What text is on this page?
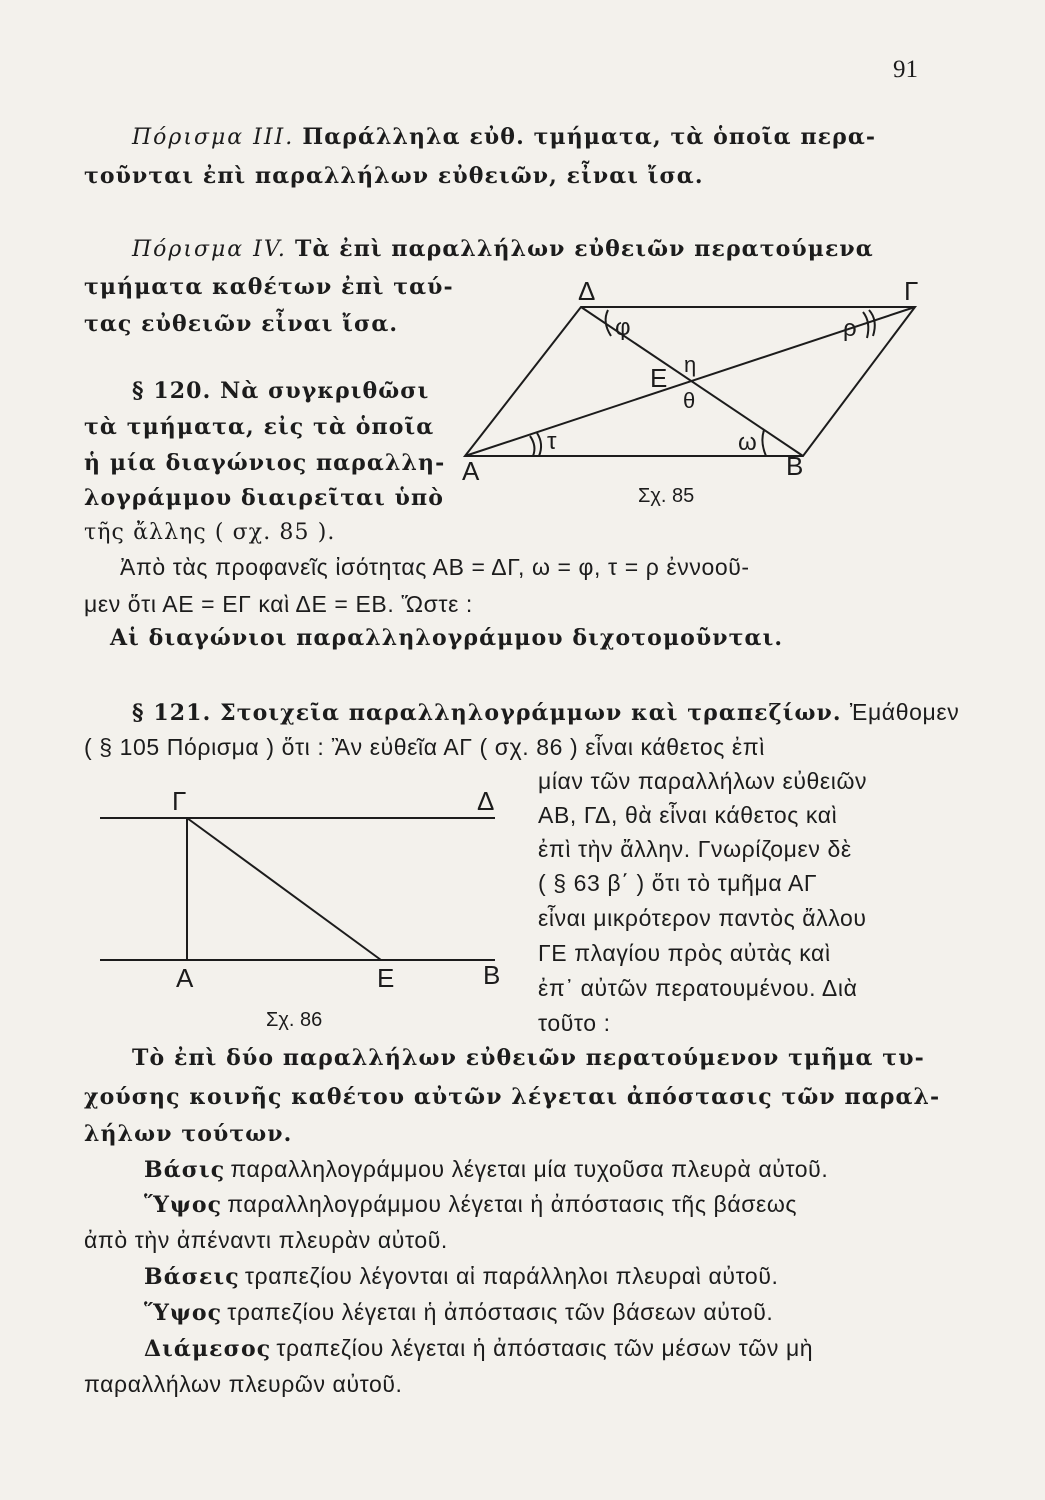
91
Πόρισμα ΙΙΙ. Παράλληλα εὐθ. τμήματα, τὰ ὁποῖα περα-
τοῦνται ἐπὶ παραλλήλων εὐθειῶν, εἶναι ἴσα.
Πόρισμα ΙV. Τὰ ἐπὶ παραλλήλων εὐθειῶν περατούμενα
τμήματα καθέτων ἐπὶ ταύ-
τας εὐθειῶν εἶναι ἴσα.
§ 120. Νὰ συγκριθῶσι
τὰ τμήματα, εἰς τὰ ὁποῖα
ἡ μία διαγώνιος παραλλη-
λογράμμου διαιρεῖται ὑπὸ
τῆς ἄλλης ( σχ. 85 ).
Δ	Γ
Α	Β
Ε
φ	ρ
τ	ω
η
θ
Σχ. 85
Ἀπὸ τὰς προφανεῖς ἰσότητας ΑΒ = ΔΓ, ω = φ, τ = ρ ἐννοοῦ-
μεν ὅτι ΑΕ = ΕΓ καὶ ΔΕ = ΕΒ. Ὥστε :
Αἱ διαγώνιοι παραλληλογράμμου διχοτομοῦνται.
§ 121. Στοιχεῖα παραλληλογράμμων καὶ τραπεζίων. Ἐμάθομεν
( § 105 Πόρισμα ) ὅτι : Ἂν εὐθεῖα ΑΓ ( σχ. 86 ) εἶναι κάθετος ἐπὶ
μίαν τῶν παραλλήλων εὐθειῶν
ΑΒ, ΓΔ, θὰ εἶναι κάθετος καὶ
ἐπὶ τὴν ἄλλην. Γνωρίζομεν δὲ
( § 63 β΄ ) ὅτι τὸ τμῆμα ΑΓ
εἶναι μικρότερον παντὸς ἄλλου
ΓΕ πλαγίου πρὸς αὐτὰς καὶ
ἐπ᾽ αὐτῶν περατουμένου. Διὰ
τοῦτο :
Γ	Δ
Α	Ε	Β
Σχ. 86
Τὸ ἐπὶ δύο παραλλήλων εὐθειῶν περατούμενον τμῆμα τυ-
χούσης κοινῆς καθέτου αὐτῶν λέγεται ἀπόστασις τῶν παραλ-
λήλων τούτων.
Βάσις παραλληλογράμμου λέγεται μία τυχοῦσα πλευρὰ αὐτοῦ.
Ὕψος παραλληλογράμμου λέγεται ἡ ἀπόστασις τῆς βάσεως
ἀπὸ τὴν ἀπέναντι πλευρὰν αὐτοῦ.
Βάσεις τραπεζίου λέγονται αἱ παράλληλοι πλευραὶ αὐτοῦ.
Ὕψος τραπεζίου λέγεται ἡ ἀπόστασις τῶν βάσεων αὐτοῦ.
Διάμεσος τραπεζίου λέγεται ἡ ἀπόστασις τῶν μέσων τῶν μὴ
παραλλήλων πλευρῶν αὐτοῦ.
